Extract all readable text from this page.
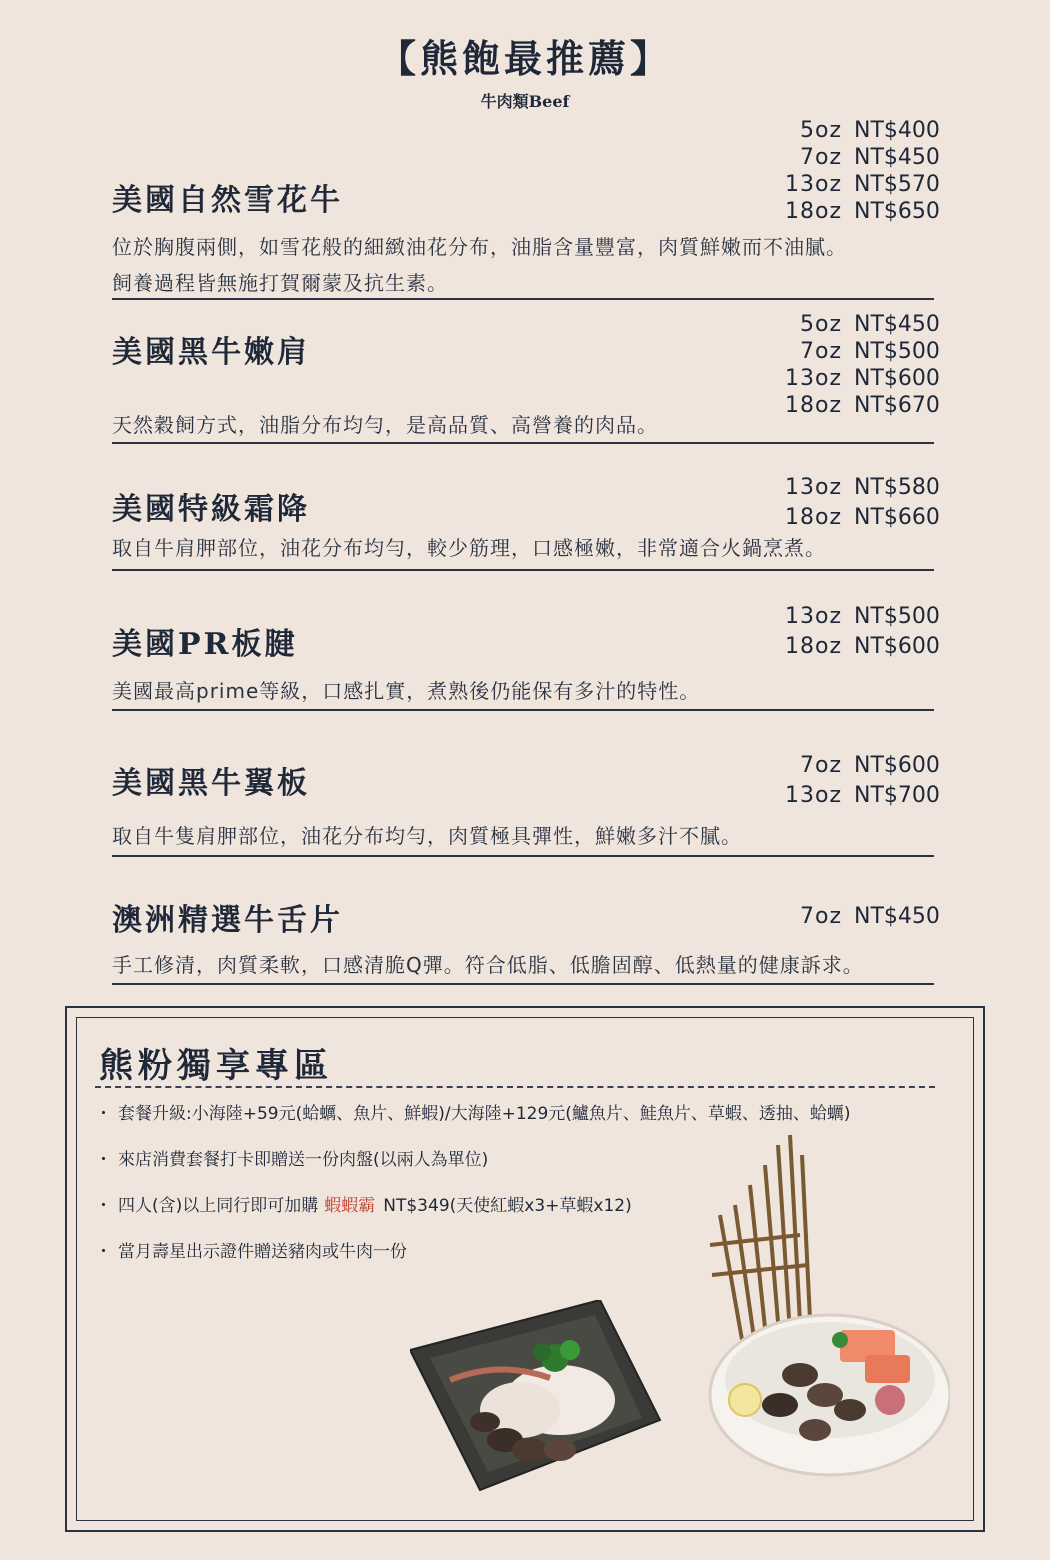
【熊飽最推薦】
牛肉類Beef
美國自然雪花牛
5oz NT$400
7oz NT$450
13oz NT$570
18oz NT$650
位於胸腹兩側，如雪花般的細緻油花分布，油脂含量豐富，肉質鮮嫩而不油膩。
飼養過程皆無施打賀爾蒙及抗生素。
美國黑牛嫩肩
5oz NT$450
7oz NT$500
13oz NT$600
18oz NT$670
天然穀飼方式，油脂分布均勻，是高品質、高營養的肉品。
美國特級霜降
13oz NT$580
18oz NT$660
取自牛肩胛部位，油花分布均勻，較少筋理，口感極嫩，非常適合火鍋烹煮。
美國PR板腱
13oz NT$500
18oz NT$600
美國最高prime等級，口感扎實，煮熟後仍能保有多汁的特性。
美國黑牛翼板
7oz NT$600
13oz NT$700
取自牛隻肩胛部位，油花分布均勻，肉質極具彈性，鮮嫩多汁不膩。
澳洲精選牛舌片	7oz NT$450
手工修清，肉質柔軟，口感清脆Q彈。符合低脂、低膽固醇、低熱量的健康訴求。
熊粉獨享專區
・ 套餐升級:小海陸+59元(蛤蠣、魚片、鮮蝦)/大海陸+129元(鱸魚片、鮭魚片、草蝦、透抽、蛤蠣)
・ 來店消費套餐打卡即贈送一份肉盤(以兩人為單位)
・ 四人(含)以上同行即可加購 蝦蝦霸 NT$349(天使紅蝦x3+草蝦x12)
・ 當月壽星出示證件贈送豬肉或牛肉一份
